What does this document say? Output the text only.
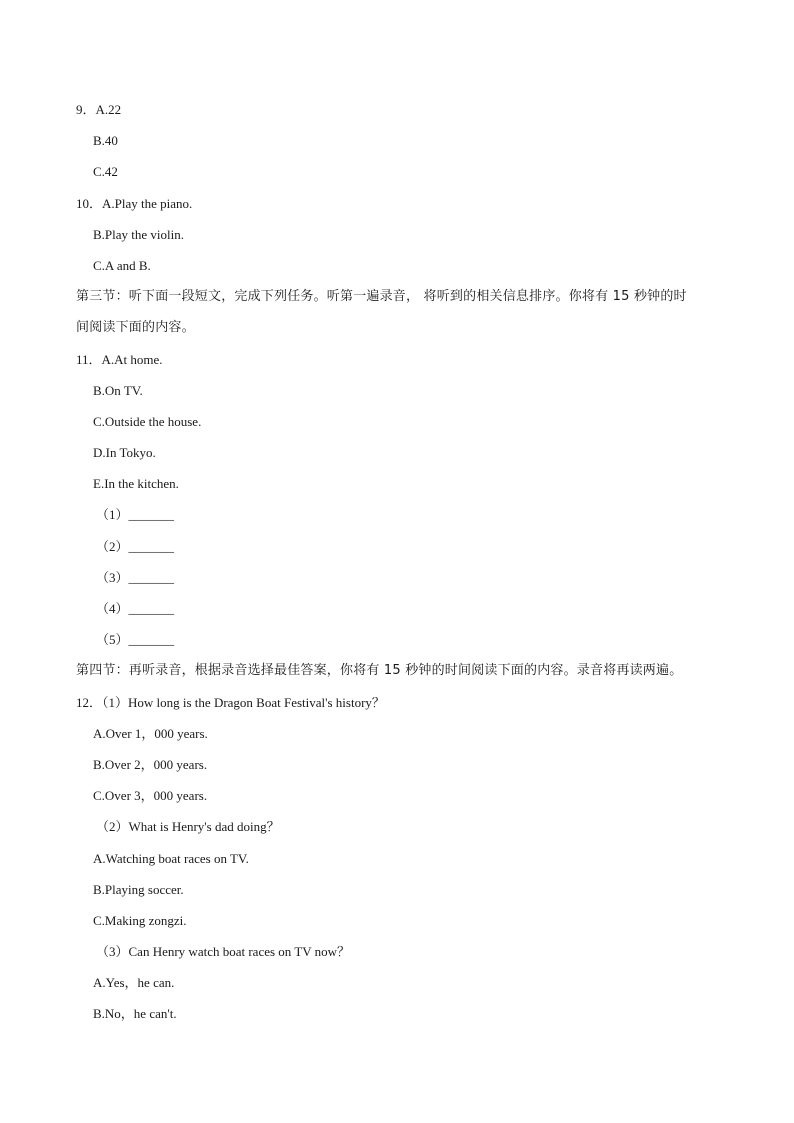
9．A.22
B.40
C.42
10．A.Play the piano.
B.Play the violin.
C.A and B.
第三节：听下面一段短文，完成下列任务。听第一遍录音， 将听到的相关信息排序。你将有 15 秒钟的时
间阅读下面的内容。
11．A.At home.
B.On TV.
C.Outside the house.
D.In Tokyo.
E.In the kitchen.
（1）_______
（2）_______
（3）_______
（4）_______
（5）_______
第四节：再听录音，根据录音选择最佳答案，你将有 15 秒钟的时间阅读下面的内容。录音将再读两遍。
12．（1）How long is the Dragon Boat Festival's history？
A.Over 1，000 years.
B.Over 2，000 years.
C.Over 3，000 years.
（2）What is Henry's dad doing？
A.Watching boat races on TV.
B.Playing soccer.
C.Making zongzi.
（3）Can Henry watch boat races on TV now？
A.Yes，he can.
B.No，he can't.
